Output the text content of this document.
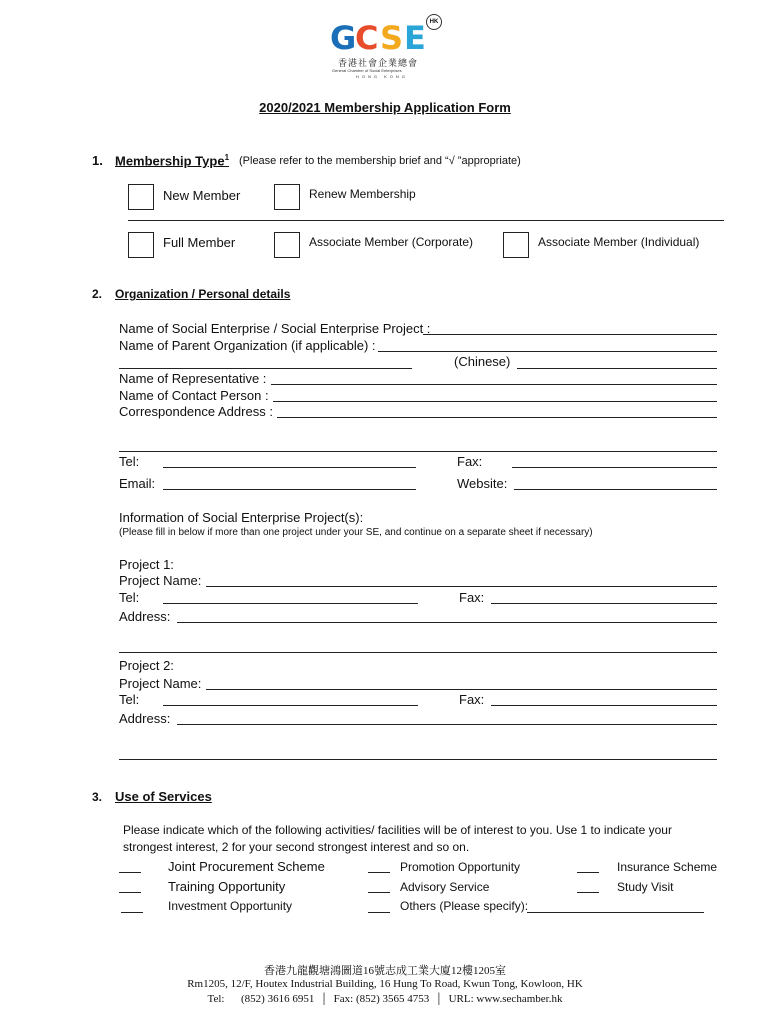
G
C S E HK
香港社會企業總會
General Chamber of Social Enterprises
HONG KONG
2020/2021 Membership Application Form
1. Membership Type$^1$ (Please refer to the membership brief and “√ ”appropriate)
New Member	Renew Membership
Full Member	Associate Member (Corporate)	Associate Member (Individual)
2. Organization / Personal details
Name of Social Enterprise / Social Enterprise Project :
Name of Parent Organization (if applicable) :
(Chinese)
Name of Representative :
Name of Contact Person :
Correspondence Address :
Tel:	Fax:
Email:	Website:
Information of Social Enterprise Project(s):
(Please fill in below if more than one project under your SE, and continue on a separate sheet if necessary)
Project 1:
Project Name:
Tel:	Fax:
Address:
Project 2:
Project Name:
Tel:	Fax:
Address:
3. Use of Services
Please indicate which of the following activities/ facilities will be of interest to you. Use 1 to indicate your
strongest interest, 2 for your second strongest interest and so on.
Joint Procurement Scheme	Promotion Opportunity	Insurance Scheme
Training Opportunity	Advisory Service	Study Visit
Investment Opportunity	Others (Please specify):
香港九龍觀塘鴻圖道16號志成工業大廈12樓1205室
Rm1205, 12/F, Houtex Industrial Building, 16 Hung To Road, Kwun Tong, Kowloon, HK
Tel:      (852) 3616 6951 | Fax: (852) 3565 4753 | URL: www.sechamber.hk
